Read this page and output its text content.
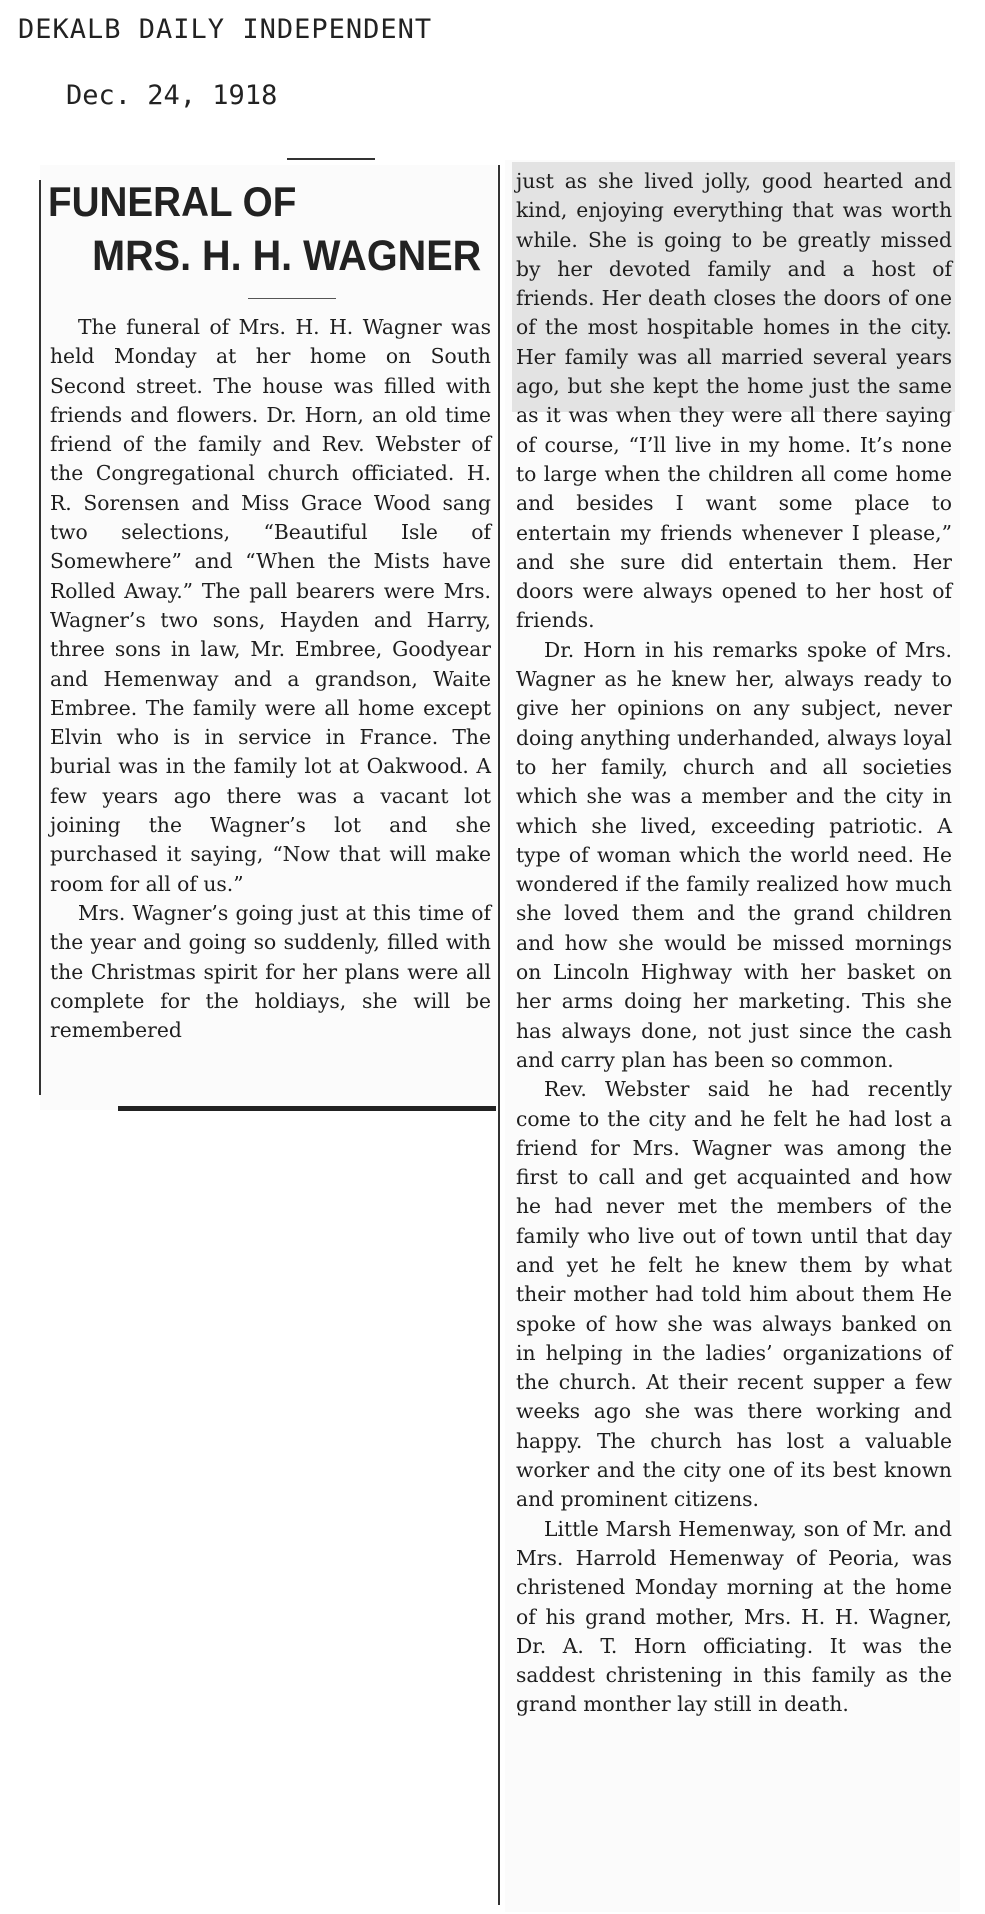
DEKALB DAILY INDEPENDENT
Dec. 24, 1918
FUNERAL OF
MRS. H. H. WAGNER

The funeral of Mrs. H. H. Wagner was held Monday at her home on South Second street. The house was filled with friends and flowers. Dr. Horn, an old time friend of the family and Rev. Webster of the Congregational church officiated. H. R. Sorensen and Miss Grace Wood sang two selections, “Beautiful Isle of Somewhere” and “When the Mists have Rolled Away.” The pall bearers were Mrs. Wagner’s two sons, Hayden and Harry, three sons in law, Mr. Embree, Goodyear and Hemenway and a grandson, Waite Embree. The family were all home except Elvin who is in service in France. The burial was in the family lot at Oakwood. A few years ago there was a vacant lot joining the Wagner’s lot and she purchased it saying, “Now that will make room for all of us.”

Mrs. Wagner’s going just at this time of the year and going so suddenly, filled with the Christmas spirit for her plans were all complete for the holdiays, she will be remembered

just as she lived jolly, good hearted and kind, enjoying everything that was worth while. She is going to be greatly missed by her devoted family and a host of friends. Her death closes the doors of one of the most hospitable homes in the city. Her family was all married several years ago, but she kept the home just the same as it was when they were all there saying of course, “I’ll live in my home. It’s none to large when the children all come home and besides I want some place to entertain my friends whenever I please,” and she sure did entertain them. Her doors were always opened to her host of friends.

Dr. Horn in his remarks spoke of Mrs. Wagner as he knew her, always ready to give her opinions on any subject, never doing anything underhanded, always loyal to her family, church and all societies which she was a member and the city in which she lived, exceeding patriotic. A type of woman which the world need. He wondered if the family realized how much she loved them and the grand children and how she would be missed mornings on Lincoln Highway with her basket on her arms doing her marketing. This she has always done, not just since the cash and carry plan has been so common.

Rev. Webster said he had recently come to the city and he felt he had lost a friend for Mrs. Wagner was among the first to call and get acquainted and how he had never met the members of the family who live out of town until that day and yet he felt he knew them by what their mother had told him about them He spoke of how she was always banked on in helping in the ladies’ organizations of the church. At their recent supper a few weeks ago she was there working and happy. The church has lost a valuable worker and the city one of its best known and prominent citizens.

Little Marsh Hemenway, son of Mr. and Mrs. Harrold Hemenway of Peoria, was christened Monday morning at the home of his grand mother, Mrs. H. H. Wagner, Dr. A. T. Horn officiating. It was the saddest christening in this family as the grand monther lay still in death.
